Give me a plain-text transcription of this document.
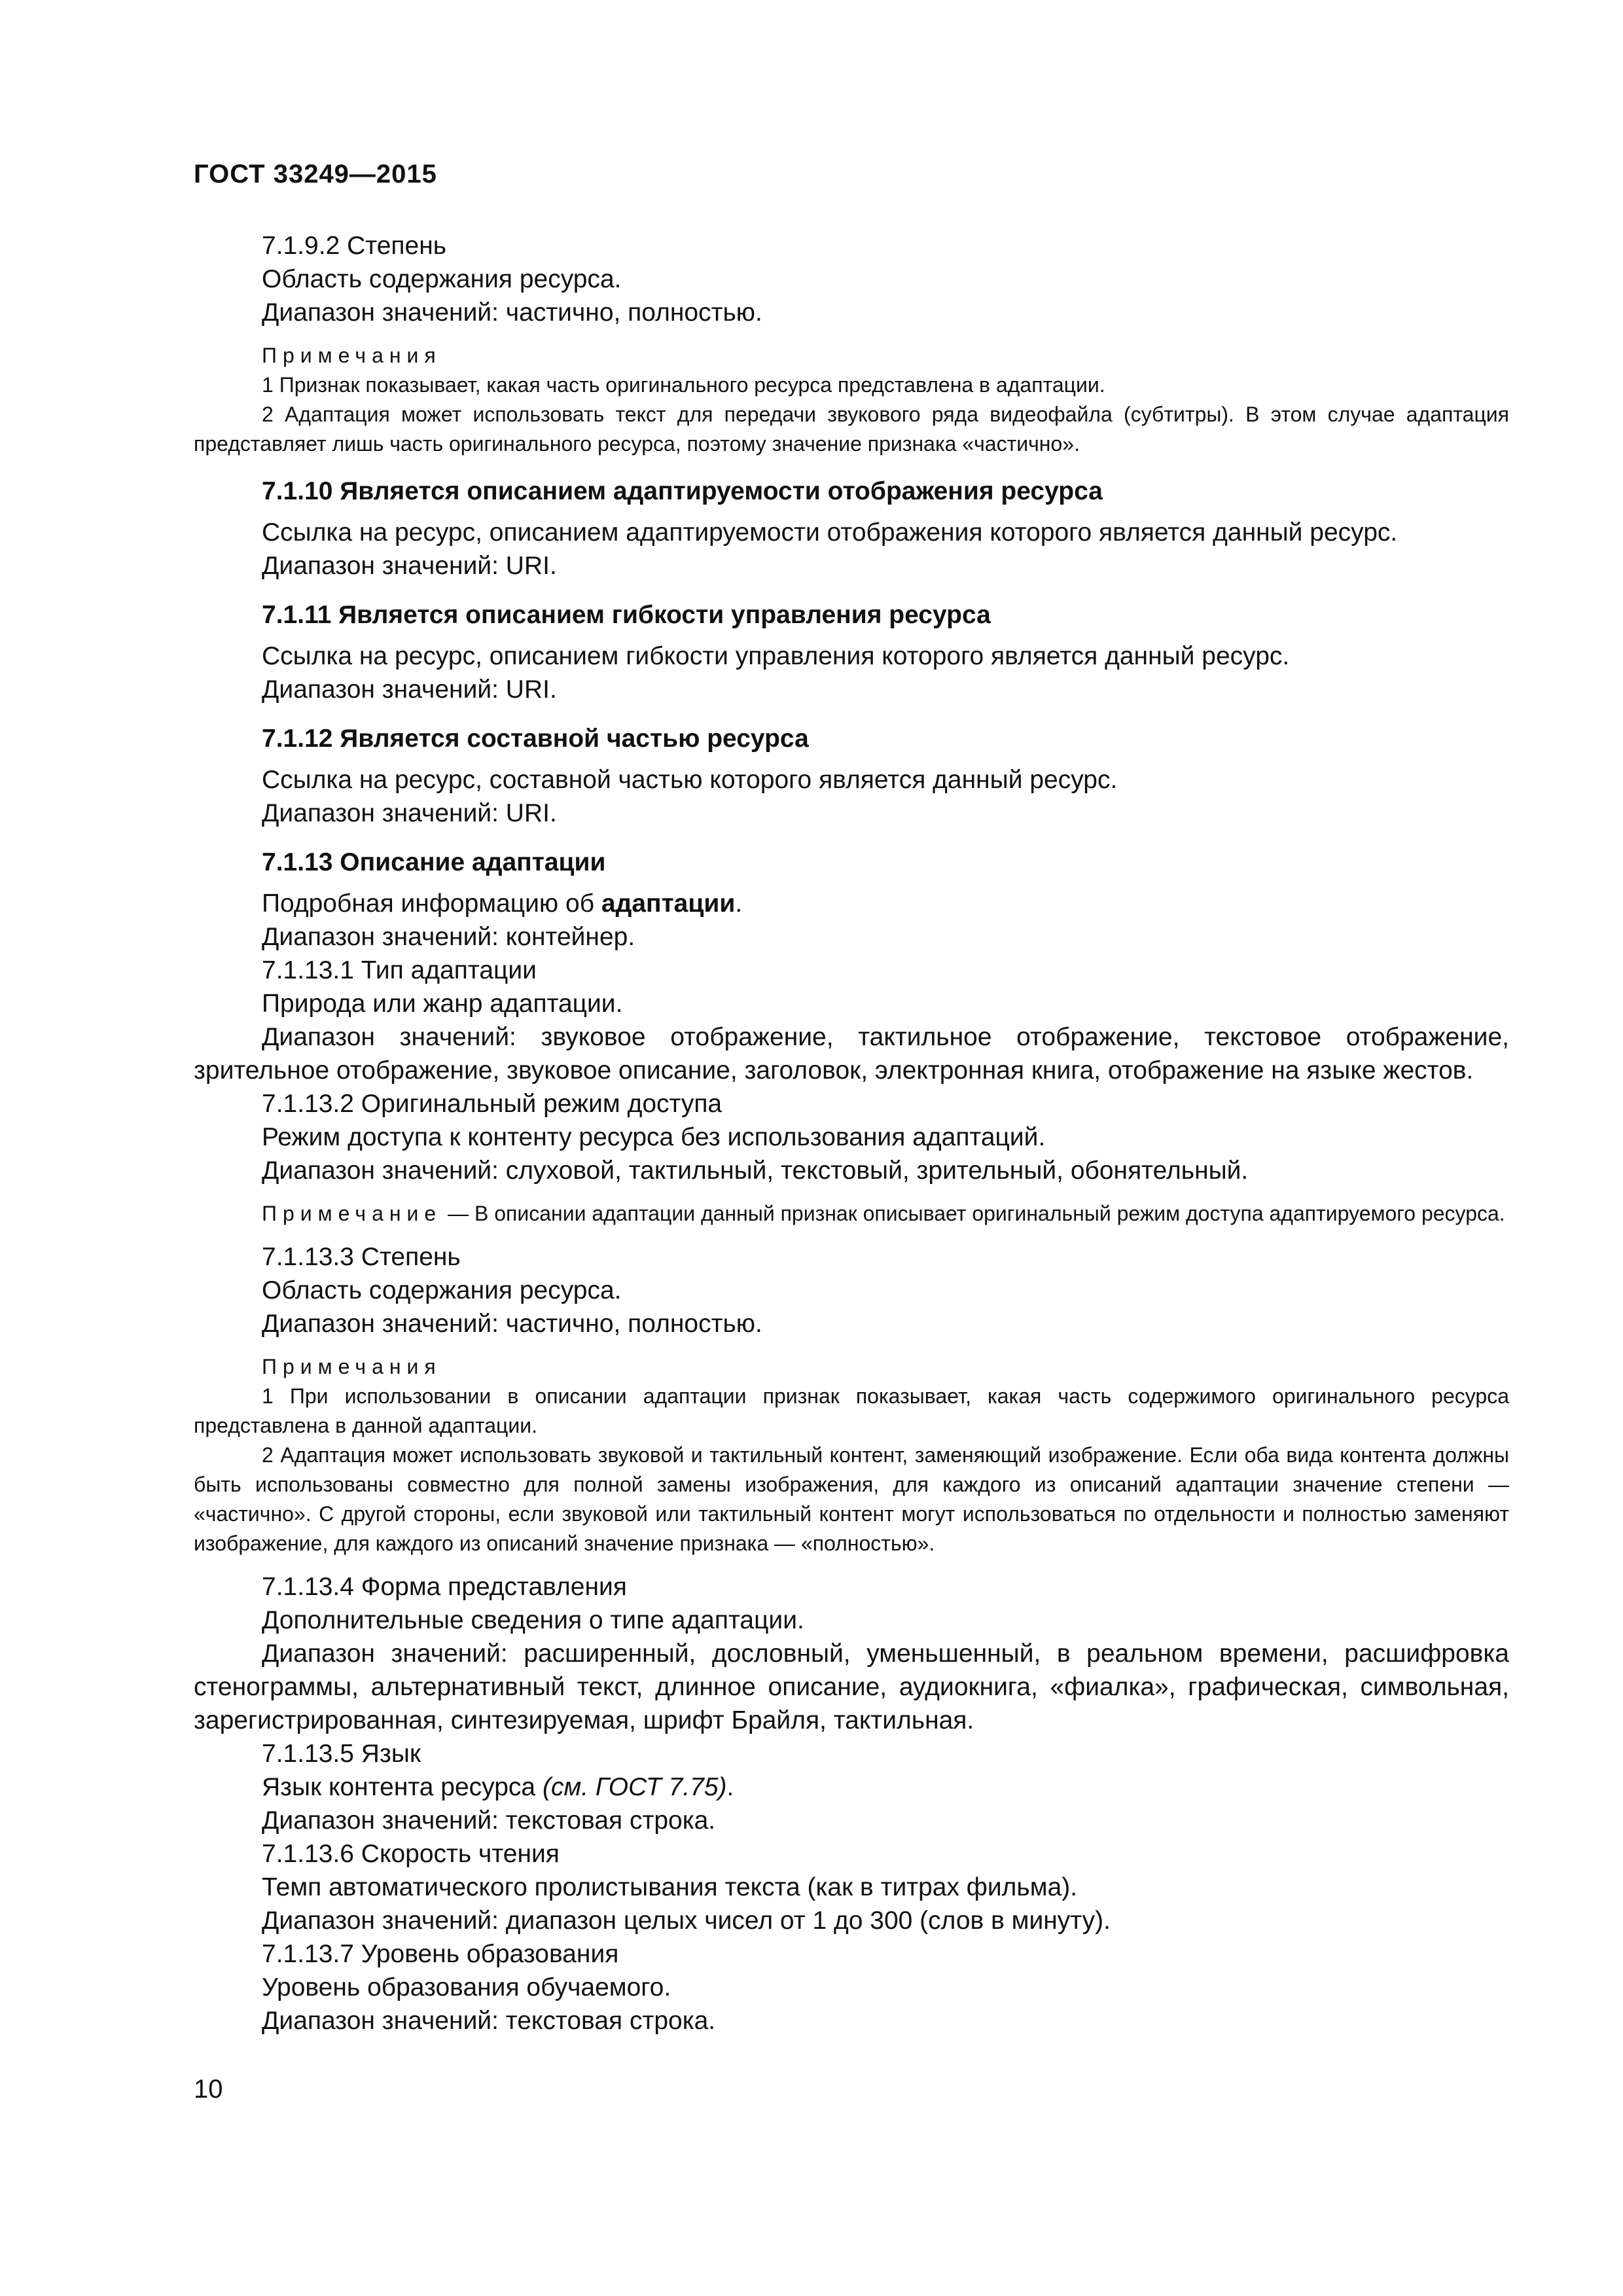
ГОСТ 33249—2015

7.1.9.2 Степень

Область содержания ресурса.

Диапазон значений: частично, полностью.

Примечания

1 Признак показывает, какая часть оригинального ресурса представлена в адаптации.

2 Адаптация может использовать текст для передачи звукового ряда видеофайла (субтитры). В этом случае адаптация представляет лишь часть оригинального ресурса, поэтому значение признака «частично».

7.1.10 Является описанием адаптируемости отображения ресурса

Ссылка на ресурс, описанием адаптируемости отображения которого является данный ресурс.

Диапазон значений: URI.

7.1.11 Является описанием гибкости управления ресурса

Ссылка на ресурс, описанием гибкости управления которого является данный ресурс.

Диапазон значений: URI.

7.1.12 Является составной частью ресурса

Ссылка на ресурс, составной частью которого является данный ресурс.

Диапазон значений: URI.

7.1.13 Описание адаптации

Подробная информацию об адаптации.

Диапазон значений: контейнер.

7.1.13.1 Тип адаптации

Природа или жанр адаптации.

Диапазон значений: звуковое отображение, тактильное отображение, текстовое отображение, зрительное отображение, звуковое описание, заголовок, электронная книга, отображение на языке жестов.

7.1.13.2 Оригинальный режим доступа

Режим доступа к контенту ресурса без использования адаптаций.

Диапазон значений: слуховой, тактильный, текстовый, зрительный, обонятельный.

Примечание — В описании адаптации данный признак описывает оригинальный режим доступа адаптируемого ресурса.

7.1.13.3 Степень

Область содержания ресурса.

Диапазон значений: частично, полностью.

Примечания

1 При использовании в описании адаптации признак показывает, какая часть содержимого оригинального ресурса представлена в данной адаптации.

2 Адаптация может использовать звуковой и тактильный контент, заменяющий изображение. Если оба вида контента должны быть использованы совместно для полной замены изображения, для каждого из описаний адаптации значение степени — «частично». С другой стороны, если звуковой или тактильный контент могут использоваться по отдельности и полностью заменяют изображение, для каждого из описаний значение признака — «полностью».

7.1.13.4 Форма представления

Дополнительные сведения о типе адаптации.

Диапазон значений: расширенный, дословный, уменьшенный, в реальном времени, расшифровка стенограммы, альтернативный текст, длинное описание, аудиокнига, «фиалка», графическая, символьная, зарегистрированная, синтезируемая, шрифт Брайля, тактильная.

7.1.13.5 Язык

Язык контента ресурса (см. ГОСТ 7.75).

Диапазон значений: текстовая строка.

7.1.13.6 Скорость чтения

Темп автоматического пролистывания текста (как в титрах фильма).

Диапазон значений: диапазон целых чисел от 1 до 300 (слов в минуту).

7.1.13.7 Уровень образования

Уровень образования обучаемого.

Диапазон значений: текстовая строка.

10
